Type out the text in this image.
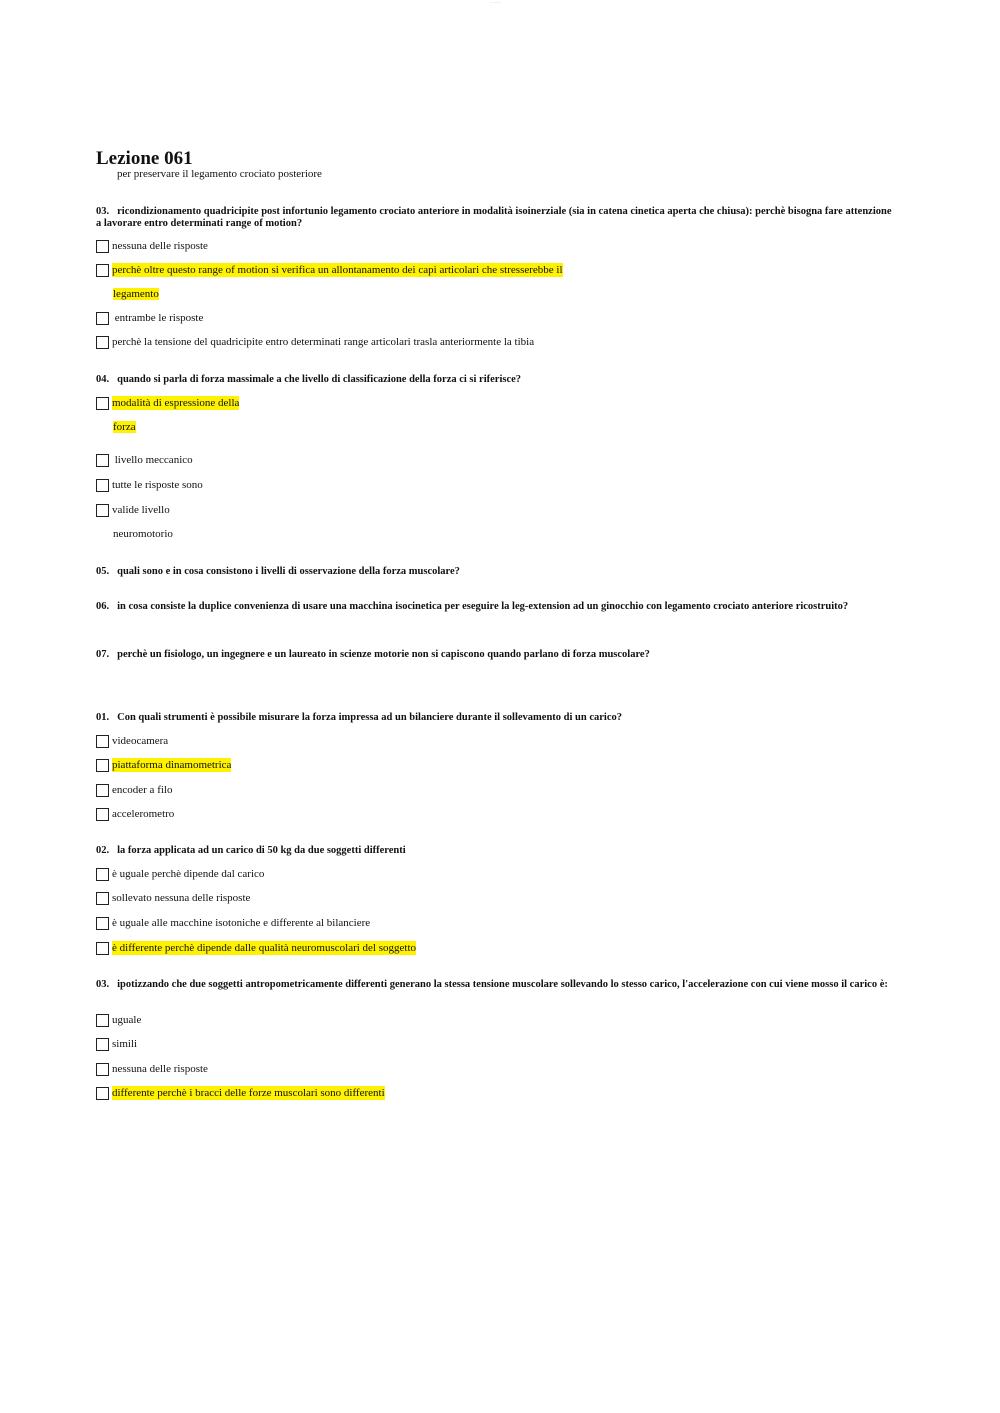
— — —
Lezione 061
per preservare il legamento crociato posteriore
03. ricondizionamento quadricipite post infortunio legamento crociato anteriore in modalità isoinerziale (sia in catena cinetica aperta che chiusa): perchè bisogna fare attenzione a lavorare entro determinati range of motion?
nessuna delle risposte
perchè oltre questo range of motion si verifica un allontanamento dei capi articolari che stresserebbe il
legamento
entrambe le risposte
perchè la tensione del quadricipite entro determinati range articolari trasla anteriormente la tibia
04. quando si parla di forza massimale a che livello di classificazione della forza ci si riferisce?
modalità di espressione della
forza
livello meccanico
tutte le risposte sono
valide livello
neuromotorio
05. quali sono e in cosa consistono i livelli di osservazione della forza muscolare?
06. in cosa consiste la duplice convenienza di usare una macchina isocinetica per eseguire la leg-extension ad un ginocchio con legamento crociato anteriore ricostruito?
07. perchè un fisiologo, un ingegnere e un laureato in scienze motorie non si capiscono quando parlano di forza muscolare?
01. Con quali strumenti è possibile misurare la forza impressa ad un bilanciere durante il sollevamento di un carico?
videocamera
piattaforma dinamometrica
encoder a filo
accelerometro
02. la forza applicata ad un carico di 50 kg da due soggetti differenti
è uguale perchè dipende dal carico
sollevato nessuna delle risposte
è uguale alle macchine isotoniche e differente al bilanciere
è differente perchè dipende dalle qualità neuromuscolari del soggetto
03. ipotizzando che due soggetti antropometricamente differenti generano la stessa tensione muscolare sollevando lo stesso carico, l'accelerazione con cui viene mosso il carico è:
uguale
simili
nessuna delle risposte
differente perchè i bracci delle forze muscolari sono differenti
